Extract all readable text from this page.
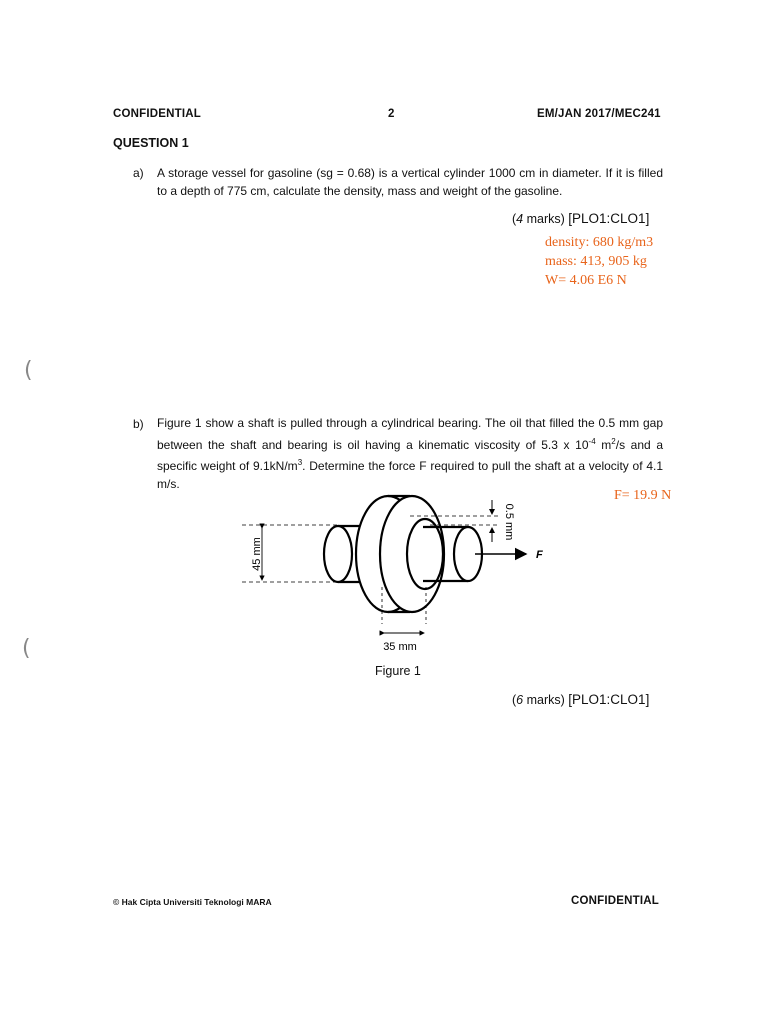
CONFIDENTIAL	2	EM/JAN 2017/MEC241
QUESTION 1
a) A storage vessel for gasoline (sg = 0.68) is a vertical cylinder 1000 cm in diameter. If it is filled to a depth of 775 cm, calculate the density, mass and weight of the gasoline.
(4 marks) [PLO1:CLO1]
density: 680 kg/m3
mass: 413, 905 kg
W= 4.06 E6 N
(
(
b) Figure 1 show a shaft is pulled through a cylindrical bearing. The oil that filled the 0.5 mm gap between the shaft and bearing is oil having a kinematic viscosity of 5.3 x $10^{-4}$ $m^2/s$ and a specific weight of $9.1kN/m^3$. Determine the force F required to pull the shaft at a velocity of 4.1 m/s.
F= 19.9 N
45 mm
0.5 mm
F
35 mm
Figure 1
(6 marks) [PLO1:CLO1]
© Hak Cipta Universiti Teknologi MARA	CONFIDENTIAL
